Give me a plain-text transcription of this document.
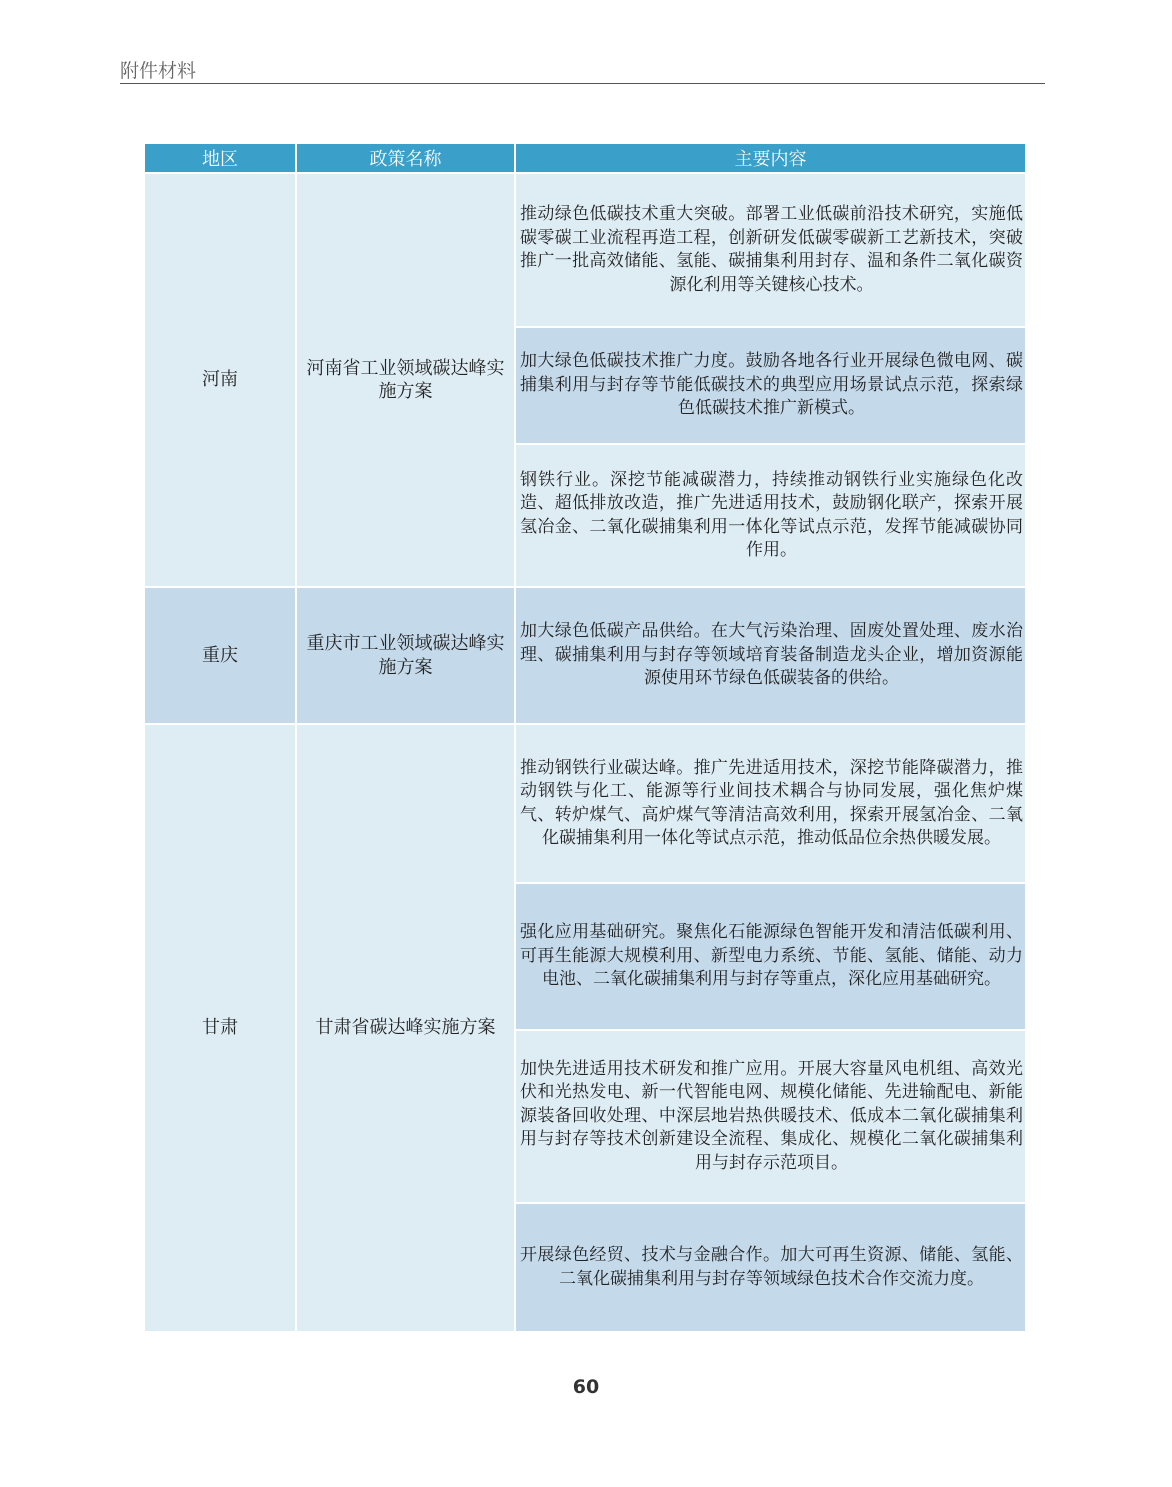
附件材料
地区	政策名称	主要内容
河南	河南省工业领域碳达峰实施方案	推动绿色低碳技术重大突破。部署工业低碳前沿技术研究，实施低碳零碳工业流程再造工程，创新研发低碳零碳新工艺新技术，突破推广一批高效储能、氢能、碳捕集利用封存、温和条件二氧化碳资源化利用等关键核心技术。
		加大绿色低碳技术推广力度。鼓励各地各行业开展绿色微电网、碳捕集利用与封存等节能低碳技术的典型应用场景试点示范，探索绿色低碳技术推广新模式。
		钢铁行业。深挖节能减碳潜力，持续推动钢铁行业实施绿色化改造、超低排放改造，推广先进适用技术，鼓励钢化联产，探索开展氢冶金、二氧化碳捕集利用一体化等试点示范，发挥节能减碳协同作用。
重庆	重庆市工业领域碳达峰实施方案	加大绿色低碳产品供给。在大气污染治理、固废处置处理、废水治理、碳捕集利用与封存等领域培育装备制造龙头企业，增加资源能源使用环节绿色低碳装备的供给。
甘肃	甘肃省碳达峰实施方案	推动钢铁行业碳达峰。推广先进适用技术，深挖节能降碳潜力，推动钢铁与化工、能源等行业间技术耦合与协同发展，强化焦炉煤气、转炉煤气、高炉煤气等清洁高效利用，探索开展氢冶金、二氧化碳捕集利用一体化等试点示范，推动低品位余热供暖发展。
		强化应用基础研究。聚焦化石能源绿色智能开发和清洁低碳利用、可再生能源大规模利用、新型电力系统、节能、氢能、储能、动力电池、二氧化碳捕集利用与封存等重点，深化应用基础研究。
		加快先进适用技术研发和推广应用。开展大容量风电机组、高效光伏和光热发电、新一代智能电网、规模化储能、先进输配电、新能源装备回收处理、中深层地岩热供暖技术、低成本二氧化碳捕集利用与封存等技术创新建设全流程、集成化、规模化二氧化碳捕集利用与封存示范项目。
		开展绿色经贸、技术与金融合作。加大可再生资源、储能、氢能、二氧化碳捕集利用与封存等领域绿色技术合作交流力度。
60
